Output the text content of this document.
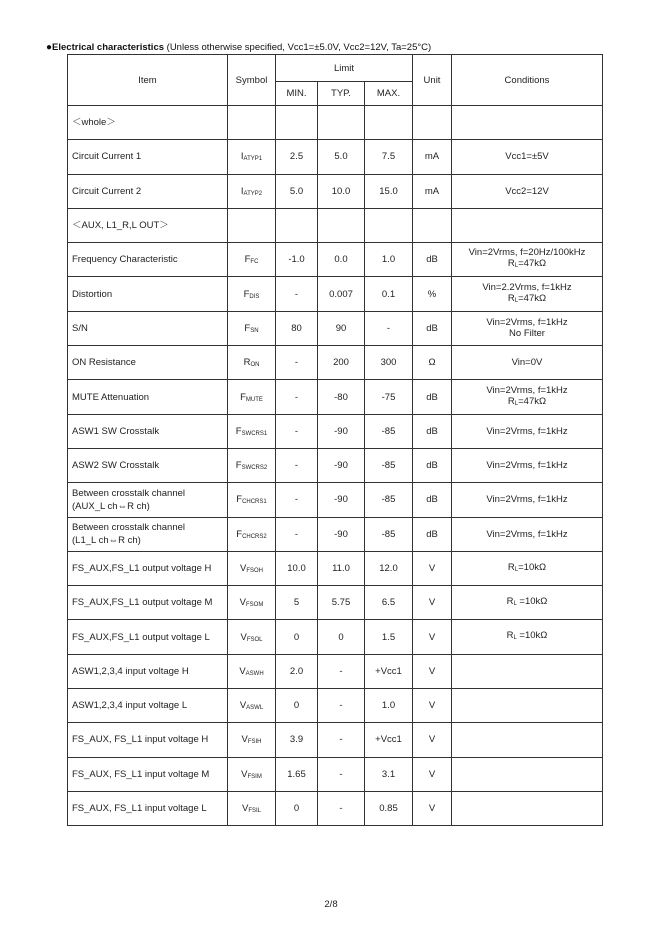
●Electrical characteristics (Unless otherwise specified, Vcc1=±5.0V, Vcc2=12V, Ta=25°C)
Item	Symbol	Limit			Unit	Conditions
		MIN.	TYP.	MAX.		
＜whole＞						
Circuit Current 1	$I_{ATYP1}$	2.5	5.0	7.5	mA	Vcc1=±5V
Circuit Current 2	$I_{ATYP2}$	5.0	10.0	15.0	mA	Vcc2=12V
＜AUX, L1_R,L OUT＞						
Frequency Characteristic	$F_{FC}$	-1.0	0.0	1.0	dB	Vin=2Vrms, f=20Hz/100kHz
$R_L=47k\Omega$
Distortion	$F_{DIS}$	-	0.007	0.1	%	Vin=2.2Vrms, f=1kHz
$R_L=47k\Omega$
S/N	$F_{SN}$	80	90	-	dB	Vin=2Vrms, f=1kHz
No Filter
ON Resistance	$R_{ON}$	-	200	300	Ω	Vin=0V
MUTE Attenuation	$F_{MUTE}$	-	-80	-75	dB	Vin=2Vrms, f=1kHz
$R_L=47k\Omega$
ASW1 SW Crosstalk	$F_{SWCRS1}$	-	-90	-85	dB	Vin=2Vrms, f=1kHz
ASW2 SW Crosstalk	$F_{SWCRS2}$	-	-90	-85	dB	Vin=2Vrms, f=1kHz
Between crosstalk channel
(AUX_L ch⇔R ch)	$F_{CHCRS1}$	-	-90	-85	dB	Vin=2Vrms, f=1kHz
Between crosstalk channel
(L1_L ch⇔R ch)	$F_{CHCRS2}$	-	-90	-85	dB	Vin=2Vrms, f=1kHz
FS_AUX,FS_L1 output voltage H	$V_{FSOH}$	10.0	11.0	12.0	V	$R_L=10k\Omega$
FS_AUX,FS_L1 output voltage M	$V_{FSOM}$	5	5.75	6.5	V	$R_L =10k\Omega$
FS_AUX,FS_L1 output voltage L	$V_{FSOL}$	0	0	1.5	V	$R_L =10k\Omega$
ASW1,2,3,4 input voltage H	$V_{ASWH}$	2.0	-	+Vcc1	V	
ASW1,2,3,4 input voltage L	$V_{ASWL}$	0	-	1.0	V	
FS_AUX, FS_L1 input voltage H	$V_{FSIH}$	3.9	-	+Vcc1	V	
FS_AUX, FS_L1 input voltage M	$V_{FSIM}$	1.65	-	3.1	V	
FS_AUX, FS_L1 input voltage L	$V_{FSIL}$	0	-	0.85	V	
2/8
